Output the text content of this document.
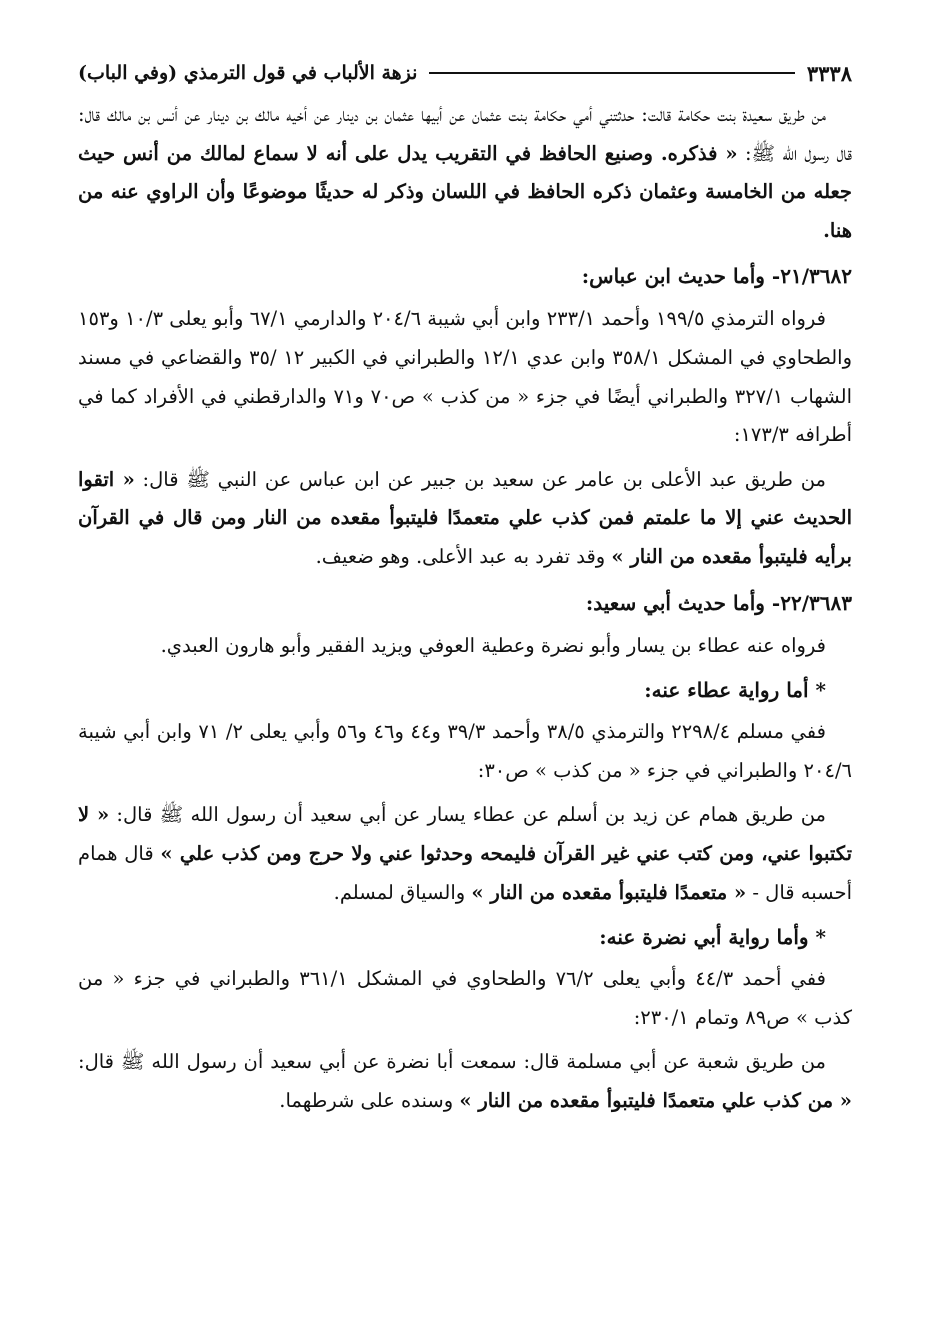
٣٣٣٨
نزهة الألباب في قول الترمذي (وفي الباب)

من طريق سعيدة بنت حكامة قالت: حدثتني أمي حكامة بنت عثمان عن أبيها عثمان بن دينار عن أخيه مالك بن دينار عن أنس بن مالك قال: قال رسول الله ﷺ: « فذكره. وصنيع الحافظ في التقريب يدل على أنه لا سماع لمالك من أنس حيث جعله من الخامسة وعثمان ذكره الحافظ في اللسان وذكر له حديثًا موضوعًا وأن الراوي عنه من هنا.

٢١/٣٦٨٢- وأما حديث ابن عباس:

فرواه الترمذي ١٩٩/٥ وأحمد ٢٣٣/١ وابن أبي شيبة ٢٠٤/٦ والدارمي ٦٧/١ وأبو يعلى ١٠/٣ و١٥٣ والطحاوي في المشكل ٣٥٨/١ وابن عدي ١٢/١ والطبراني في الكبير ١٢ /٣٥ والقضاعي في مسند الشهاب ٣٢٧/١ والطبراني أيضًا في جزء « من كذب » ص٧٠ و٧١ والدارقطني في الأفراد كما في أطرافه ١٧٣/٣:

من طريق عبد الأعلى بن عامر عن سعيد بن جبير عن ابن عباس عن النبي ﷺ قال: « اتقوا الحديث عني إلا ما علمتم فمن كذب علي متعمدًا فليتبوأ مقعده من النار ومن قال في القرآن برأيه فليتبوأ مقعده من النار » وقد تفرد به عبد الأعلى. وهو ضعيف.

٢٢/٣٦٨٣- وأما حديث أبي سعيد:

فرواه عنه عطاء بن يسار وأبو نضرة وعطية العوفي ويزيد الفقير وأبو هارون العبدي.

* أما رواية عطاء عنه:

ففي مسلم ٢٢٩٨/٤ والترمذي ٣٨/٥ وأحمد ٣٩/٣ و٤٤ و٤٦ و٥٦ وأبي يعلى ٢/ ٧١ وابن أبي شيبة ٢٠٤/٦ والطبراني في جزء « من كذب » ص٣٠:

من طريق همام عن زيد بن أسلم عن عطاء يسار عن أبي سعيد أن رسول الله ﷺ قال: « لا تكتبوا عني، ومن كتب عني غير القرآن فليمحه وحدثوا عني ولا حرج ومن كذب علي » قال همام أحسبه قال - « متعمدًا فليتبوأ مقعده من النار » والسياق لمسلم.

* وأما رواية أبي نضرة عنه:

ففي أحمد ٤٤/٣ وأبي يعلى ٧٦/٢ والطحاوي في المشكل ٣٦١/١ والطبراني في جزء « من كذب » ص٨٩ وتمام ٢٣٠/١:

من طريق شعبة عن أبي مسلمة قال: سمعت أبا نضرة عن أبي سعيد أن رسول الله ﷺ قال: « من كذب علي متعمدًا فليتبوأ مقعده من النار » وسنده على شرطهما.
